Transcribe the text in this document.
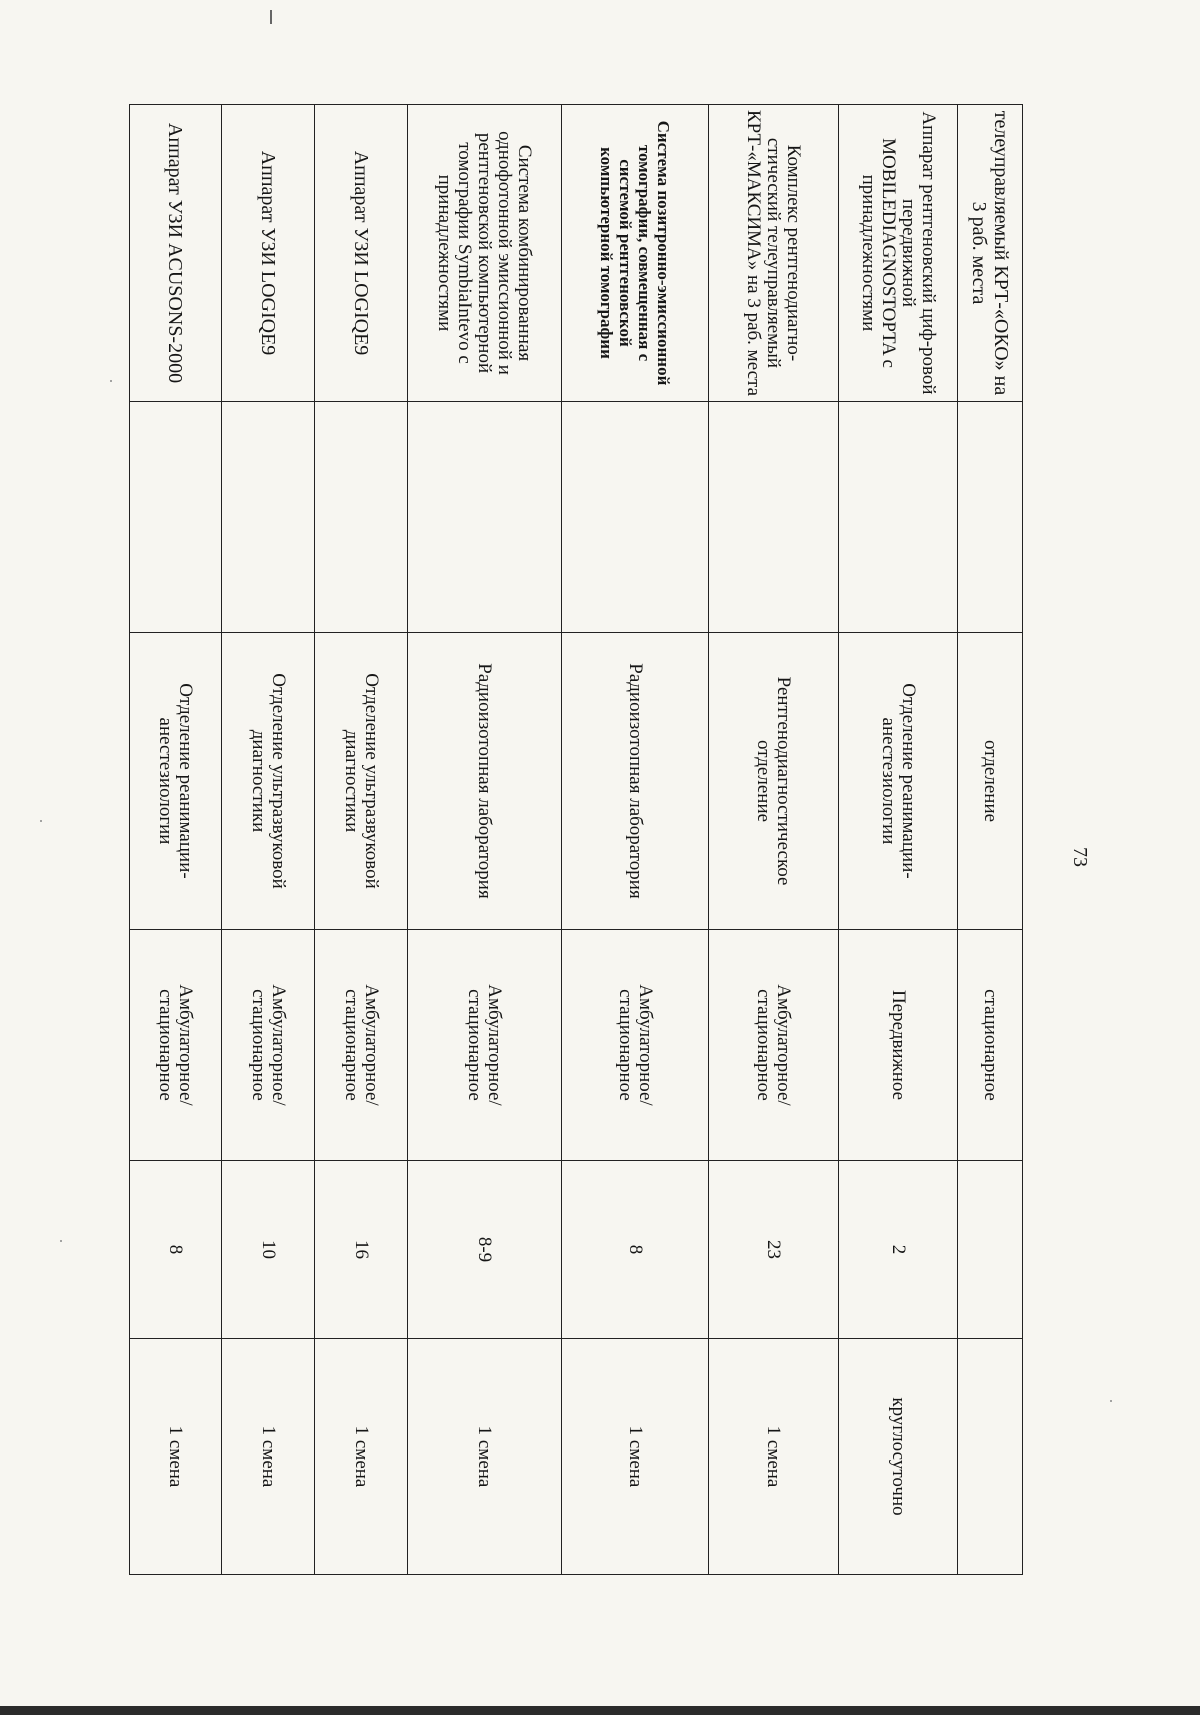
73
телеуправляемый КРТ-«ОКО» на 3 раб. места		отделение	стационарное		
Аппарат рентгеновский циф-ровой передвижной MOBILEDIAGNOSTOPTA с принадлежностями		Отделение реанимации-анестезиологии	Передвижное	2	круглосуточно
Комплекс рентгенодиагно-стический телеуправляемый КРТ-«МАКСИМА» на 3 раб. места		Рентгенодиагностическое отделение	Амбулаторное/ стационарное	23	1 смена
Система позитронно-эмиссионной томографии, совмещенная с системой рентгеновской компьютерной томографии		Радиоизотопная лаборатория	Амбулаторное/ стационарное	8	1 смена
Система комбинированная однофотонной эмиссионной и рентгеновской компьютерной томографии SymbiaIntevo с принадлежностями		Радиоизотопная лаборатория	Амбулаторное/ стационарное	8-9	1 смена
Аппарат УЗИ LOGIQE9		Отделение ультразвуковой диагностики	Амбулаторное/ стационарное	16	1 смена
Аппарат УЗИ LOGIQE9		Отделение ультразвуковой диагностики	Амбулаторное/ стационарное	10	1 смена
Аппарат УЗИ ACUSONS-2000		Отделение реанимации-анестезиологии	Амбулаторное/ стационарное	8	1 смена
